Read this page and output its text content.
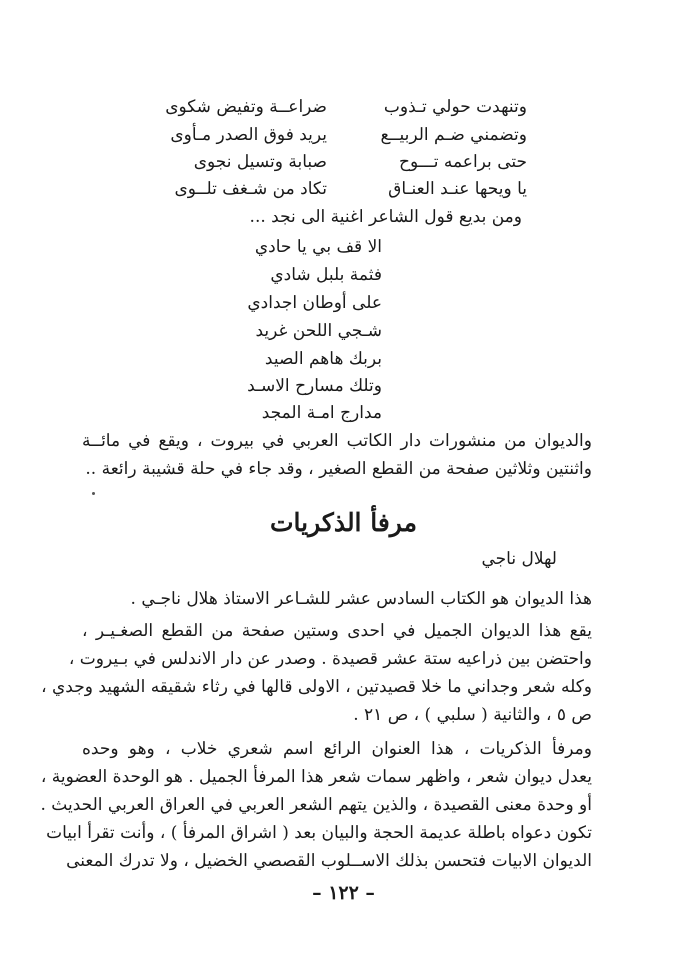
وتنهدت حولي تـذوب
ضراعــة وتفيض شكوى
وتضمني ضـم الربيــع
يريد فوق الصدر مـأوى
حتى براعمه تـــوح
صبابة وتسيل نجوى
يا ويحها عنـد العنـاق
تكاد من شـغف تلــوى
ومن بديع قول الشاعر اغنية الى نجد ...
الا قف بي يا حادي
فثمة بلبل شادي
على أوطان اجدادي
شـجي اللحن غريد
بربك هاهم الصيد
وتلك مسارح الاسـد
مدارج امـة المجد
والديوان من منشورات دار الكاتب العربي في بيروت ، ويقع في مائــة
واثنتين وثلاثين صفحة من القطع الصغير ، وقد جاء في حلة قشيبة رائعة ..
مرفأ الذكريات
لهلال ناجي
هذا الديوان هو الكتاب السادس عشر للشـاعر الاستاذ هلال ناجـي .
يقع هذا الديوان الجميل في احدى وستين صفحة من القطع الصغـيـر ،
واحتضن بين ذراعيه ستة عشر قصيدة . وصدر عن دار الاندلس في بـيروت ،
وكله شعر وجداني ما خلا قصيدتين ، الاولى قالها في رثاء شقيقه الشهيد وجدي ،
ص ٥ ، والثانية ( سلبي ) ، ص ٢١ .
ومرفأ الذكريات ، هذا العنوان الرائع اسم شعري خلاب ، وهو وحده
يعدل ديوان شعر ، واظهر سمات شعر هذا المرفأ الجميل . هو الوحدة العضوية ،
أو وحدة معنى القصيدة ، والذين يتهم الشعر العربي في العراق العربي الحديث .
تكون دعواه باطلة عديمة الحجة والبيان بعد ( اشراق المرفأ ) ، وأنت تقرأ ابيات
الديوان الابيات فتحسن بذلك الاســلوب القصصي الخضيل ، ولا تدرك المعنى
– ١٢٢ –
